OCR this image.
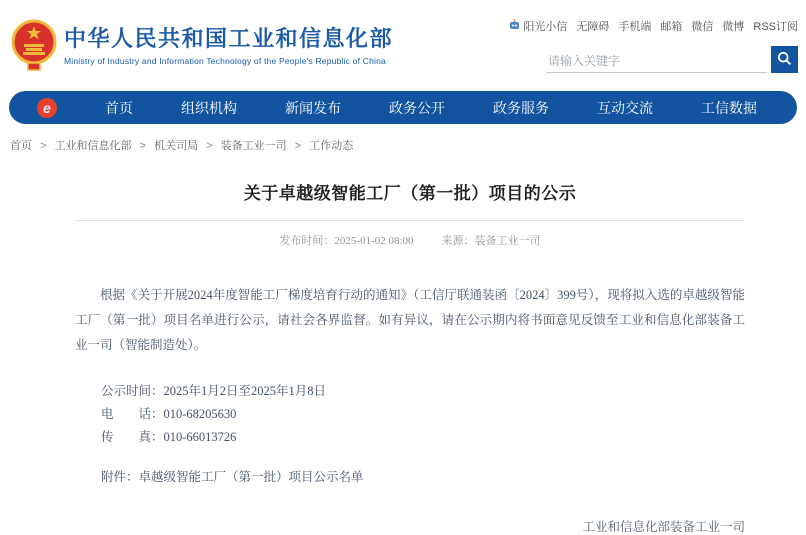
中华人民共和国工业和信息化部
Ministry of Industry and Information Technology of the People's Republic of China
阳光小信 无障碍 手机端 邮箱 微信 微博 RSS订阅
请输入关键字
e	首页	组织机构	新闻发布	政务公开	政务服务	互动交流	工信数据
首页 > 工业和信息化部 > 机关司局 > 装备工业一司 > 工作动态
关于卓越级智能工厂（第一批）项目的公示
发布时间：2025-01-02 08:00	来源：装备工业一司
根据《关于开展2024年度智能工厂梯度培育行动的通知》（工信厅联通装函〔2024〕399号），现将拟入选的卓越级智能工厂（第一批）项目名单进行公示，请社会各界监督。如有异议，请在公示期内将书面意见反馈至工业和信息化部装备工业一司（智能制造处）。
公示时间：2025年1月2日至2025年1月8日
电　　话：010-68205630
传　　真：010-66013726
附件：卓越级智能工厂（第一批）项目公示名单
工业和信息化部装备工业一司
